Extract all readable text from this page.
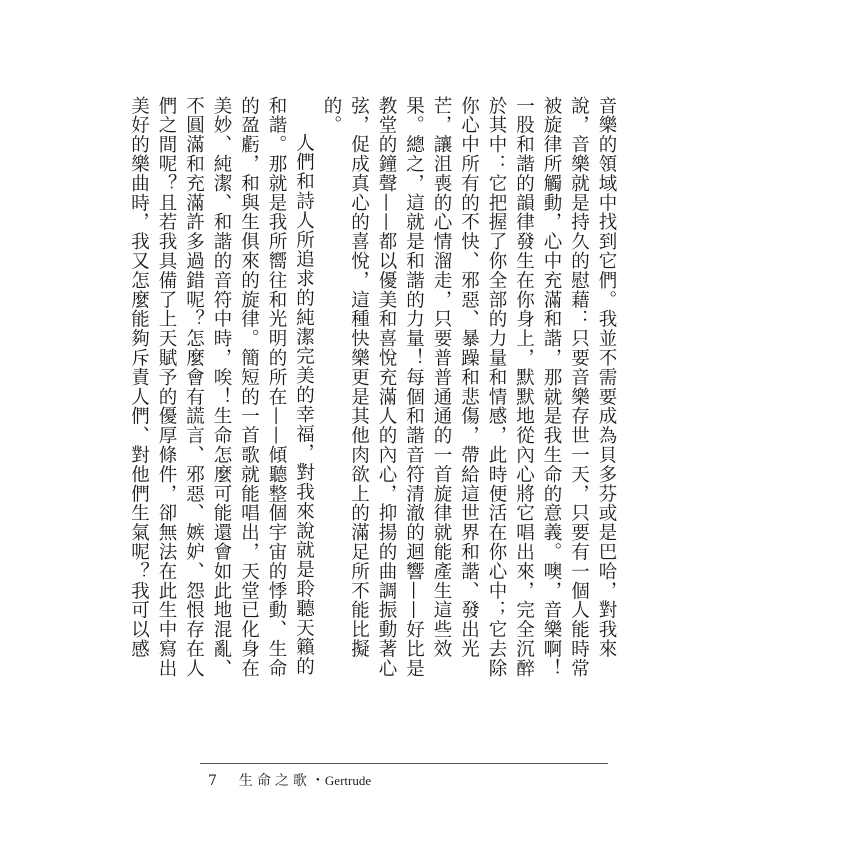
音樂的領域中找到它們。我並不需要成為貝多芬或是巴哈，對我來說，音樂就是持久的慰藉：只要音樂存世一天，只要有一個人能時常被旋律所觸動，心中充滿和諧，那就是我生命的意義。噢，音樂啊！一股和諧的韻律發生在你身上，默默地從內心將它唱出來，完全沉醉於其中：它把握了你全部的力量和情感，此時便活在你心中；它去除你心中所有的不快、邪惡、暴躁和悲傷，帶給這世界和諧、發出光芒，讓沮喪的心情溜走，只要普普通通的一首旋律就能產生這些效果。總之，這就是和諧的力量！每個和諧音符清澈的迴響——好比是教堂的鐘聲——都以優美和喜悅充滿人的內心，抑揚的曲調振動著心弦，促成真心的喜悅，這種快樂更是其他肉欲上的滿足所不能比擬的。

人們和詩人所追求的純潔完美的幸福，對我來說就是聆聽天籟的和諧。那就是我所嚮往和光明的所在——傾聽整個宇宙的悸動、生命的盈虧，和與生俱來的旋律。簡短的一首歌就能唱出，天堂已化身在美妙、純潔、和諧的音符中時，唉！生命怎麼可能還會如此地混亂、不圓滿和充滿許多過錯呢？怎麼會有謊言、邪惡、嫉妒、怨恨存在人們之間呢？且若我具備了上天賦予的優厚條件，卻無法在此生中寫出美好的樂曲時，我又怎麼能夠斥責人們、對他們生氣呢？我可以感

7 生命之歌・Gertrude
